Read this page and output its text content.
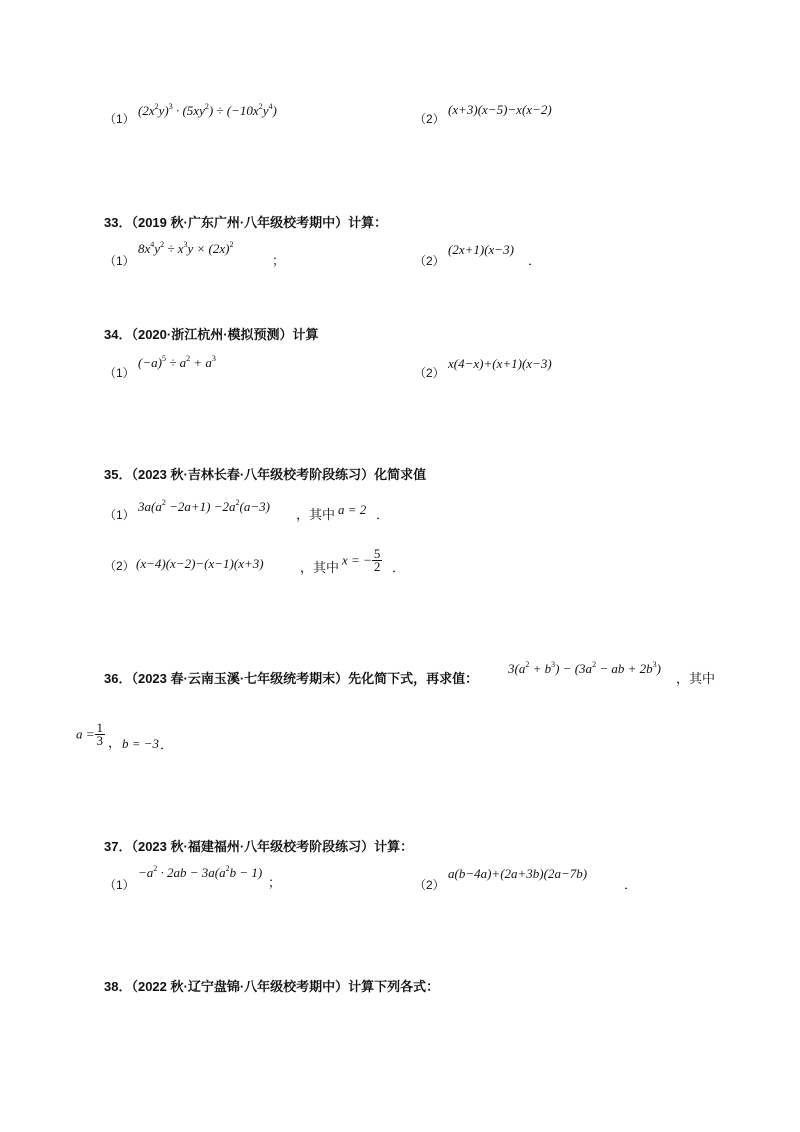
（1）
$(2x^2y)^3 \cdot (5xy^2) \div (-10x^2y^4)$
（2）
(x+3)(x−5)−x(x−2)
33．（2019 秋·广东广州·八年级校考期中）计算：
（1）
$8x^4y^2 \div x^3y \times (2x)^2$
；	（2）
(2x+1)(x−3)
．
34．（2020·浙江杭州·模拟预测）计算
（1）
$(-a)^5 \div a^2 + a^3$
（2）
x(4−x)+(x+1)(x−3)
35．（2023 秋·吉林长春·八年级校考阶段练习）化简求值
（1）
$3a(a^2 -2a+1) -2a^2(a-3)$
，其中 a = 2 ．
（2） (x−4)(x−2)−(x−1)(x+3)	，其中 x = − $\frac{5}{2}$ ．
36．（2023 春·云南玉溪·七年级统考期末）先化简下式，再求值：
$3(a^2 + b^3) - (3a^2$ − ab + $2b^3$)
，其中
$a = \frac{1}{3}$ ， b = −3 ．
37．（2023 秋·福建福州·八年级校考阶段练习）计算：
（1）
$-a^2 \cdot 2ab - 3a(a^2b - 1)$
；	（2）
a(b−4a)+(2a+3b)(2a−7b)
．
38．（2022 秋·辽宁盘锦·八年级校考期中）计算下列各式：
